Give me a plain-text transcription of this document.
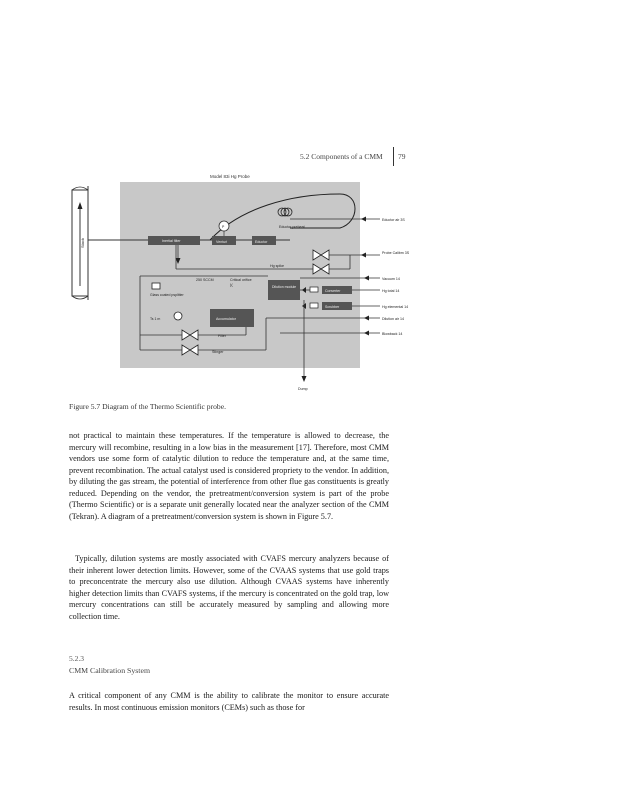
5.2 Components of a CMM 79
Model 83i Hg Probe
Stack	Inertial filter	Venturi
P
Eductor
Eductor preheat
Hg spike
250 SCCM	Critical orifice
)(
Glass coated psplitter
Ts 1 m
Dilution module
Accumulator
Converter
Scrubber
Dump
Filter
Stinger
Eductor air 3S
Probe Calibm 3S
Vacuum 14
Hg total 14
Hg elemental 14
Dilution air 14
Blowback 14
Figure 5.7 Diagram of the Thermo Scientific probe.

not practical to maintain these temperatures. If the temperature is allowed to decrease, the mercury will recombine, resulting in a low bias in the measurement [17]. Therefore, most CMM vendors use some form of catalytic dilution to reduce the temperature and, at the same time, prevent recombination. The actual catalyst used is considered propriety to the vendor. In addition, by diluting the gas stream, the potential of interference from other flue gas constituents is greatly reduced. Depending on the vendor, the pretreatment/conversion system is part of the probe (Thermo Scientific) or is a separate unit generally located near the analyzer section of the CMM (Tekran). A diagram of a pretreatment/conversion system is shown in Figure 5.7.

Typically, dilution systems are mostly associated with CVAFS mercury analyzers because of their inherent lower detection limits. However, some of the CVAAS systems that use gold traps to preconcentrate the mercury also use dilution. Although CVAAS systems have inherently higher detection limits than CVAFS systems, if the mercury is concentrated on the gold trap, low mercury concentrations can still be accurately measured by sampling and allowing more collection time.

5.2.3
CMM Calibration System

A critical component of any CMM is the ability to calibrate the monitor to ensure accurate results. In most continuous emission monitors (CEMs) such as those for
